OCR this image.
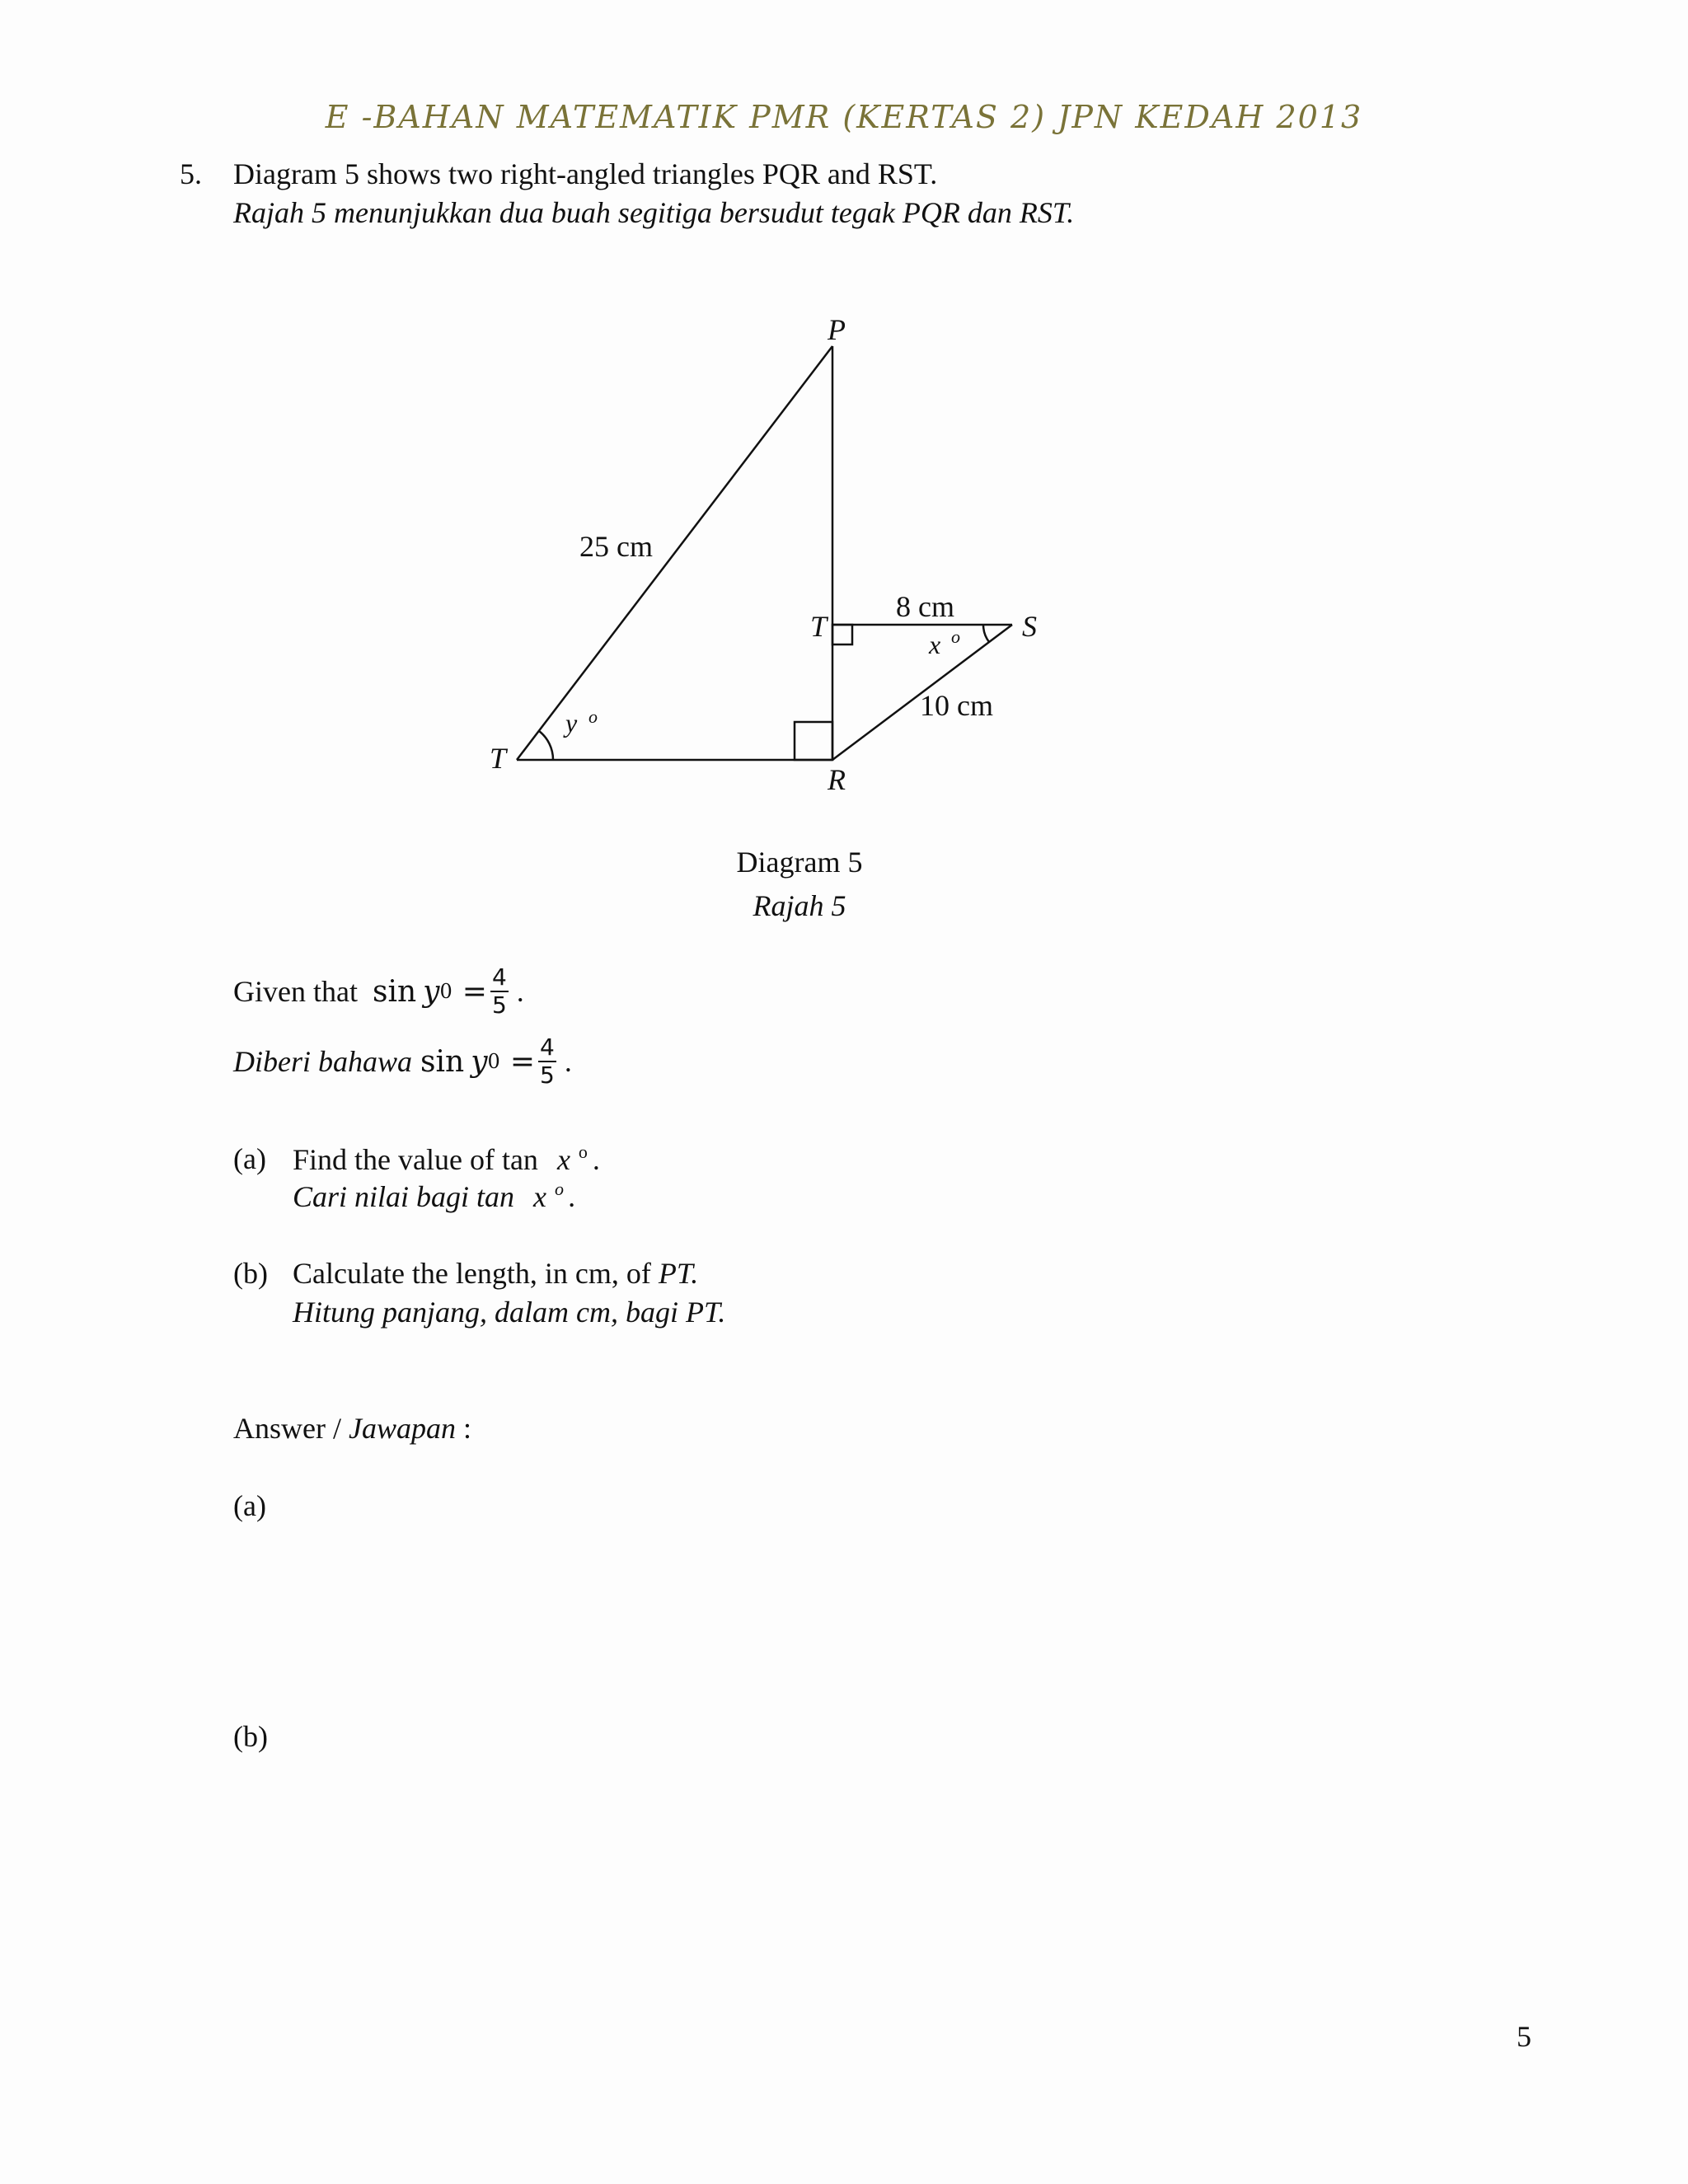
E -BAHAN MATEMATIK PMR (KERTAS 2) JPN KEDAH 2013
5. Diagram 5 shows two right-angled triangles PQR and RST.
Rajah 5 menunjukkan dua buah segitiga bersudut tegak PQR dan RST.
P
T
T	S
R
25 cm
8 cm
10 cm
y o
x o
Diagram 5
Rajah 5
Given that sin y $0 = \frac{4}{5}$ .
Diberi bahawa sin y $0 = \frac{4}{5}$ .
(a) Find the value of tan x $^o$ .
Cari nilai bagi tan x $^o$ .
(b) Calculate the length, in cm, of PT.
Hitung panjang, dalam cm, bagi PT.
Answer / Jawapan :
(a)
(b)
5
